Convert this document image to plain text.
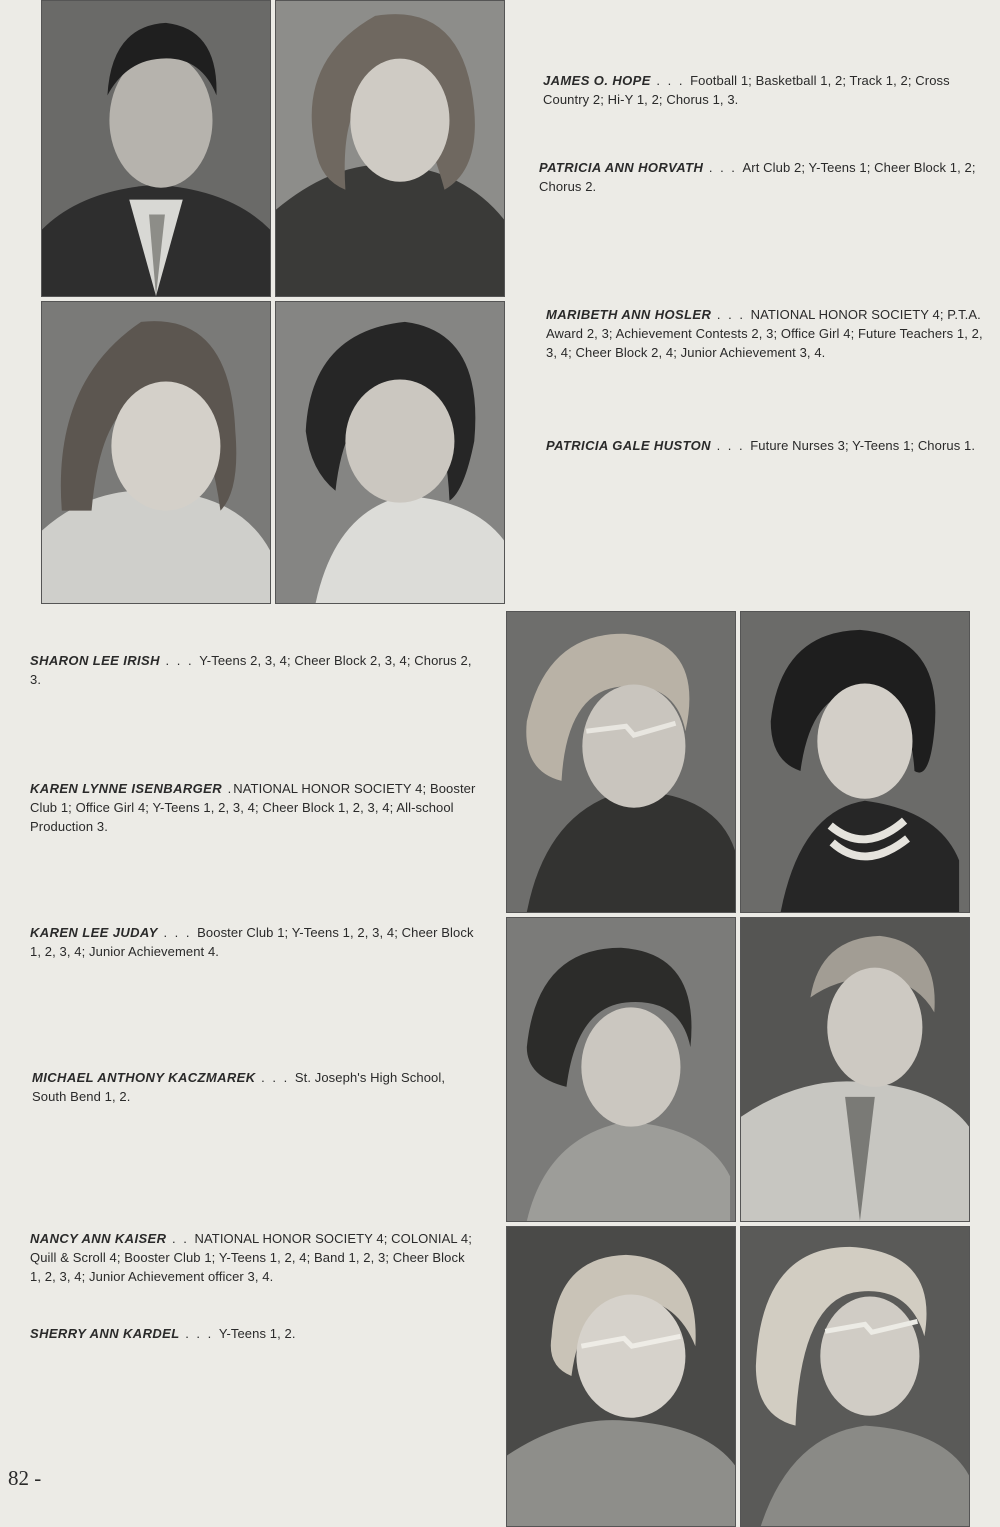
JAMES O. HOPE . . . Football 1; Basketball 1, 2; Track 1, 2; Cross Country 2; Hi-Y 1, 2; Chorus 1, 3.
PATRICIA ANN HORVATH . . . Art Club 2; Y-Teens 1; Cheer Block 1, 2; Chorus 2.
MARIBETH ANN HOSLER . . . NATIONAL HONOR SOCIETY 4; P.T.A. Award 2, 3; Achievement Contests 2, 3; Office Girl 4; Future Teachers 1, 2, 3, 4; Cheer Block 2, 4; Junior Achievement 3, 4.
PATRICIA GALE HUSTON . . . Future Nurses 3; Y-Teens 1; Chorus 1.
SHARON LEE IRISH . . . Y-Teens 2, 3, 4; Cheer Block 2, 3, 4; Chorus 2, 3.
KAREN LYNNE ISENBARGER .NATIONAL HONOR SOCIETY 4; Booster Club 1; Office Girl 4; Y-Teens 1, 2, 3, 4; Cheer Block 1, 2, 3, 4; All-school Production 3.
KAREN LEE JUDAY . . . Booster Club 1; Y-Teens 1, 2, 3, 4; Cheer Block 1, 2, 3, 4; Junior Achievement 4.
MICHAEL ANTHONY KACZMAREK . . . St. Joseph's High School, South Bend 1, 2.
NANCY ANN KAISER . . NATIONAL HONOR SOCIETY 4; COLONIAL 4; Quill & Scroll 4; Booster Club 1; Y-Teens 1, 2, 4; Band 1, 2, 3; Cheer Block 1, 2, 3, 4; Junior Achievement officer 3, 4.
SHERRY ANN KARDEL . . . Y-Teens 1, 2.
82 -
